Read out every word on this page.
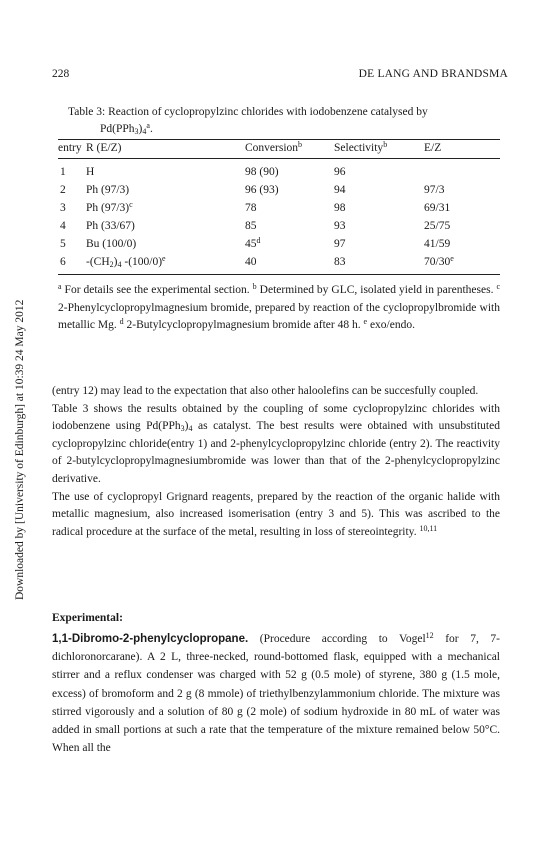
228	DE LANG AND BRANDSMA
Downloaded by [University of Edinburgh] at 10:39 24 May 2012
Table 3: Reaction of cyclopropylzinc chlorides with iodobenzene catalysed by
$Pd(PPh_3)_4^a$.
entry R (E/Z)	Conversion$^b$	Selectivity$^b$	E/Z
1 H	98 (90)	96
2 Ph (97/3)	96 (93)	94	97/3
3 Ph $(97/3)^c$	78	98	69/31
4 Ph (33/67)	85	93	25/75
5 Bu (100/0)	45$^d$	97	41/59
6 $-(CH_2)_4$ $-(100/0)^e$	40	83	70/30e
$^a$ For details see the experimental section. $^b$ Determined by GLC, isolated yield in parentheses. $^c$ 2-Phenylcyclopropylmagnesium bromide, prepared by reaction of the cyclopropylbromide with metallic Mg. $^d$ 2-Butylcyclopropylmagnesium bromide after 48 h. $^e$ exo/endo.

(entry 12) may lead to the expectation that also other haloolefins can be succesfully coupled.

Table 3 shows the results obtained by the coupling of some cyclopropylzinc chlorides with iodobenzene using $Pd(PPh_3)_4$ as catalyst. The best results were obtained with unsubstituted cyclopropylzinc chloride(entry 1) and 2-phenylcyclopropylzinc chloride (entry 2). The reactivity of 2-butylcyclopropylmagnesiumbromide was lower than that of the 2-phenylcyclopropylzinc derivative.

The use of cyclopropyl Grignard reagents, prepared by the reaction of the organic halide with metallic magnesium, also increased isomerisation (entry 3 and 5). This was ascribed to the radical procedure at the surface of the metal, resulting in loss of stereointegrity. $^{10,11}$

Experimental:
1,1-Dibromo-2-phenylcyclopropane. (Procedure according to Vogel$^{12}$ for 7, 7-dichloronorcarane). A 2 L, three-necked, round-bottomed flask, equipped with a mechanical stirrer and a reflux condenser was charged with 52 g (0.5 mole) of styrene, 380 g (1.5 mole, excess) of bromoform and 2 g (8 mmole) of triethylbenzylammonium chloride. The mixture was stirred vigorously and a solution of 80 g (2 mole) of sodium hydroxide in 80 mL of water was added in small portions at such a rate that the temperature of the mixture remained below 50°C. When all the
